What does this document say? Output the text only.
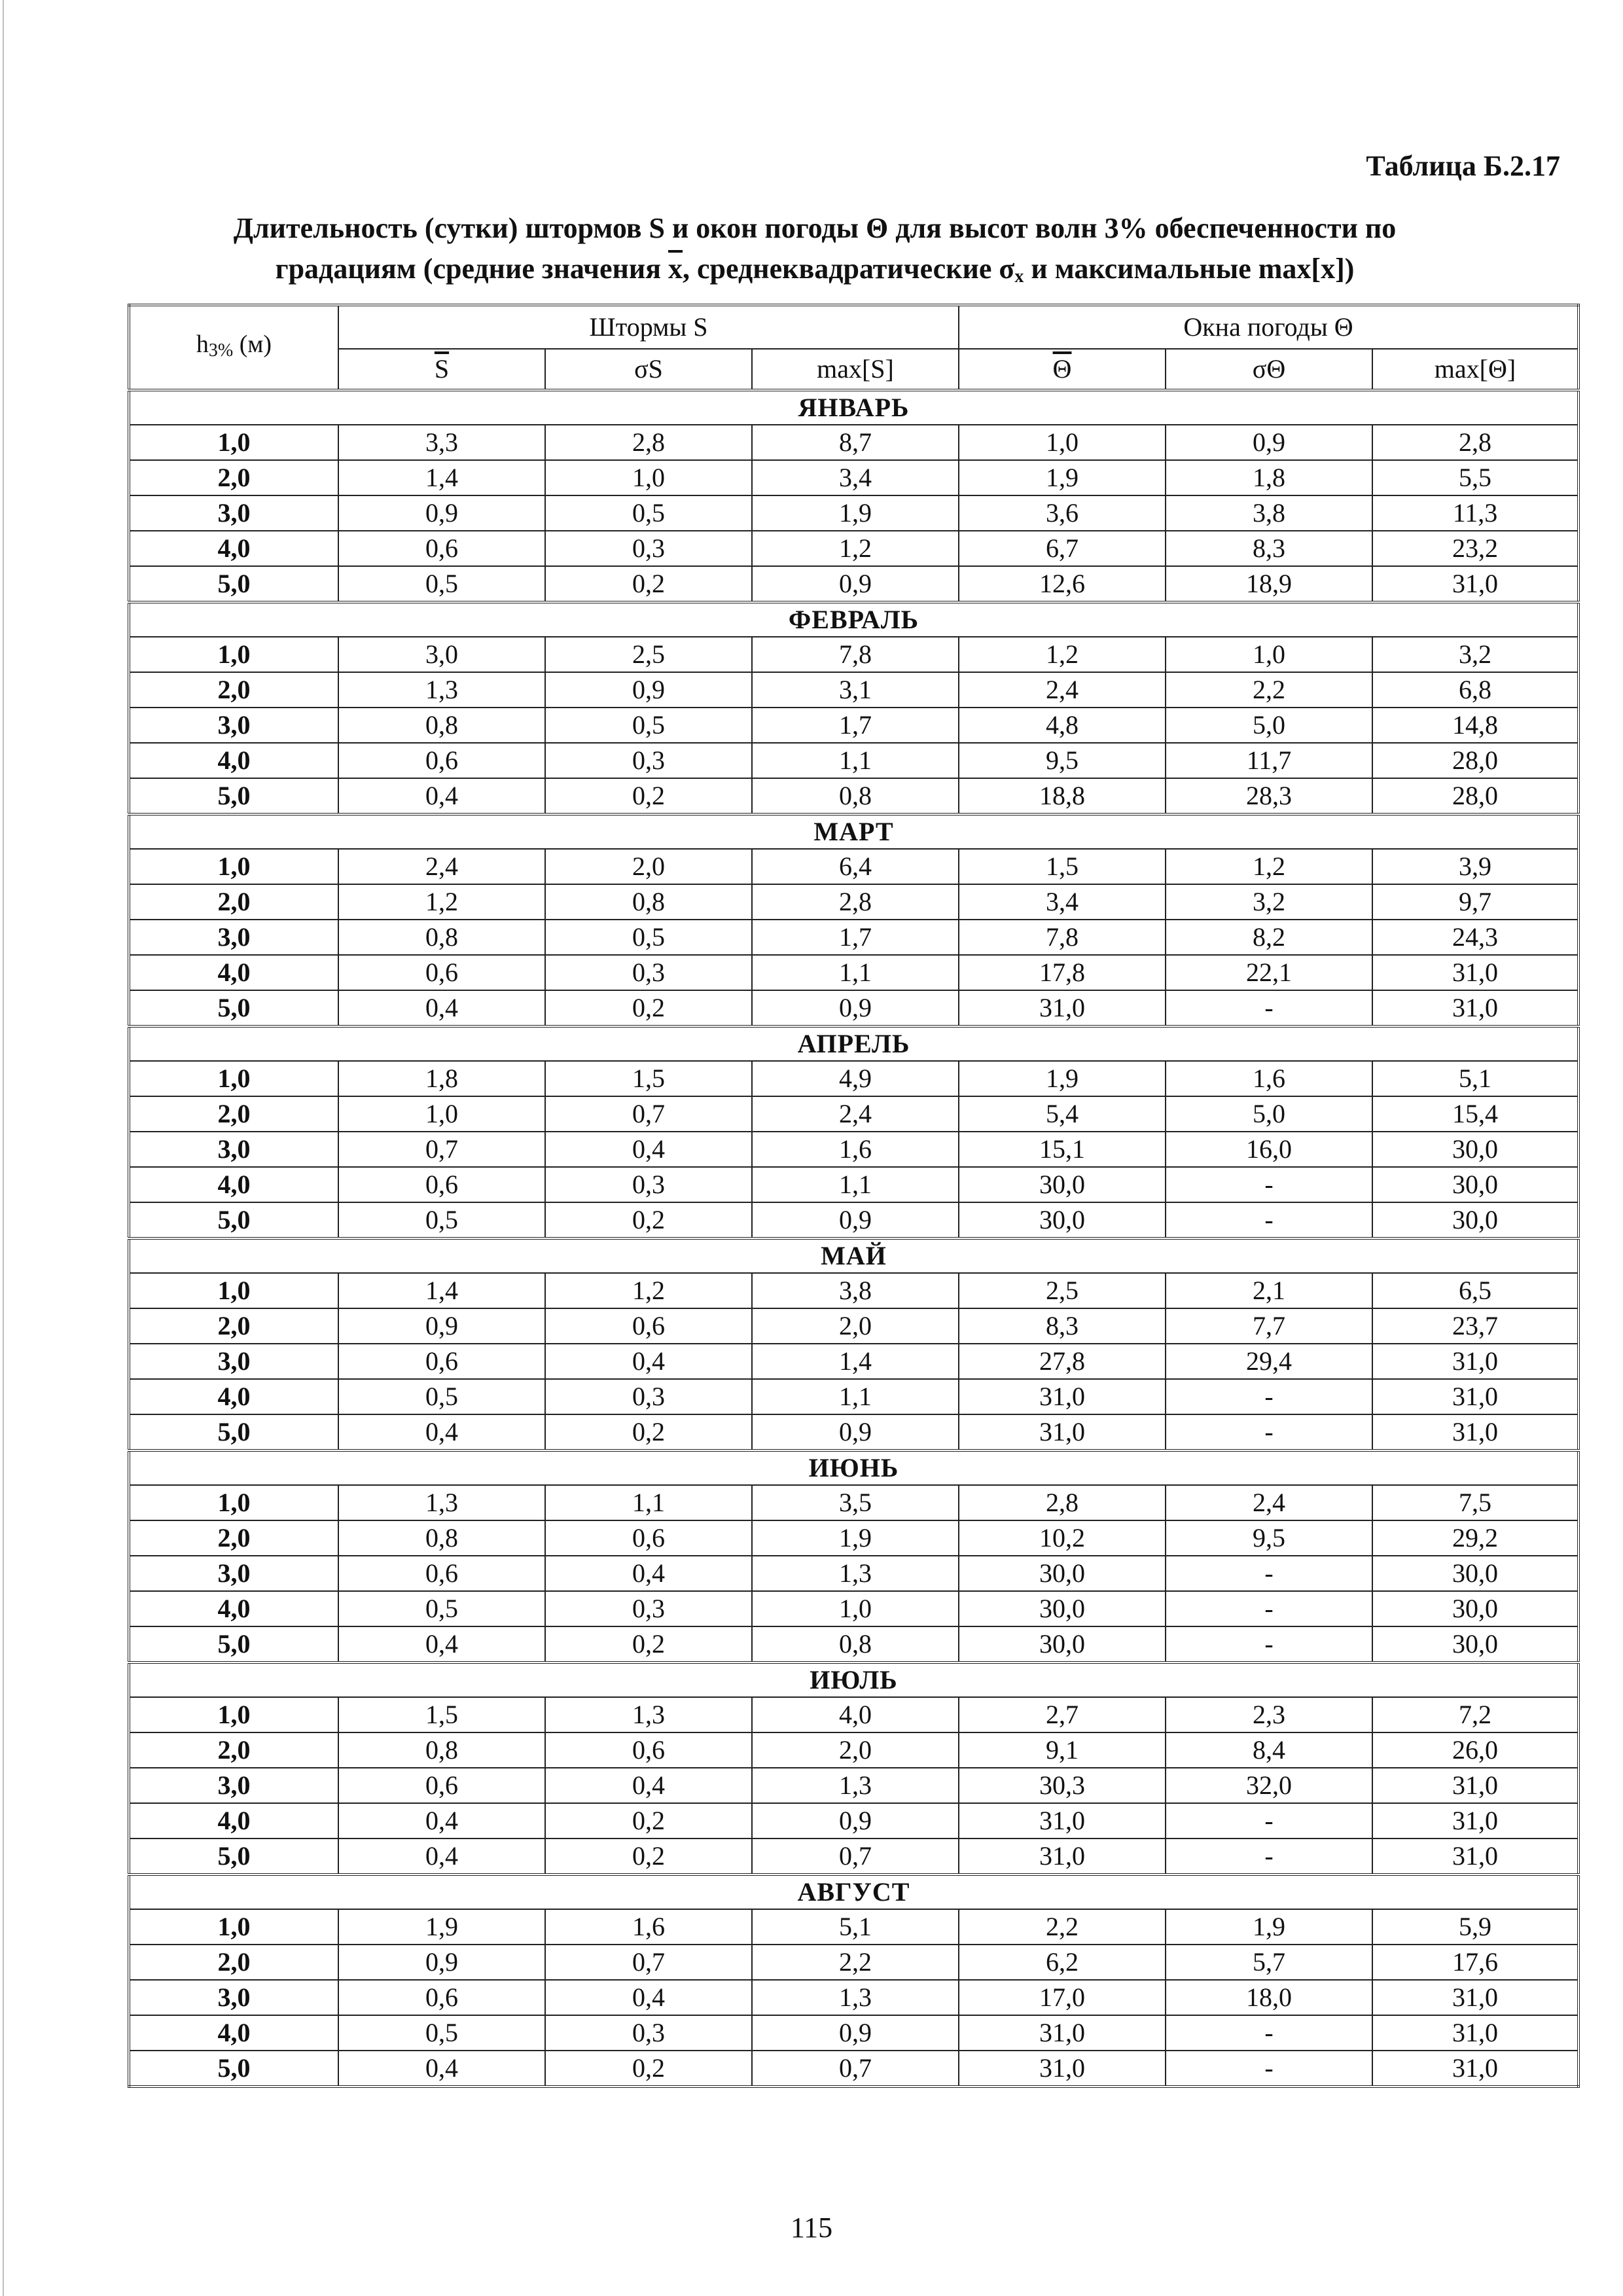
Таблица Б.2.17
Длительность (сутки) штормов S и окон погоды Θ для высот волн 3% обеспеченности по
градациям (средние значения $\overline{x}$, среднеквадратические $\sigma_x$ и максимальные max[x])
$h_{3\%}$ (м)	Штормы S			Окна погоды Θ		
	$\overline{S}$	σS	max[S]	$\overline{\Theta}$	σΘ	max[Θ]
ЯНВАРЬ						
1,0	3,3	2,8	8,7	1,0	0,9	2,8
2,0	1,4	1,0	3,4	1,9	1,8	5,5
3,0	0,9	0,5	1,9	3,6	3,8	11,3
4,0	0,6	0,3	1,2	6,7	8,3	23,2
5,0	0,5	0,2	0,9	12,6	18,9	31,0
ФЕВРАЛЬ						
1,0	3,0	2,5	7,8	1,2	1,0	3,2
2,0	1,3	0,9	3,1	2,4	2,2	6,8
3,0	0,8	0,5	1,7	4,8	5,0	14,8
4,0	0,6	0,3	1,1	9,5	11,7	28,0
5,0	0,4	0,2	0,8	18,8	28,3	28,0
МАРТ						
1,0	2,4	2,0	6,4	1,5	1,2	3,9
2,0	1,2	0,8	2,8	3,4	3,2	9,7
3,0	0,8	0,5	1,7	7,8	8,2	24,3
4,0	0,6	0,3	1,1	17,8	22,1	31,0
5,0	0,4	0,2	0,9	31,0	-	31,0
АПРЕЛЬ						
1,0	1,8	1,5	4,9	1,9	1,6	5,1
2,0	1,0	0,7	2,4	5,4	5,0	15,4
3,0	0,7	0,4	1,6	15,1	16,0	30,0
4,0	0,6	0,3	1,1	30,0	-	30,0
5,0	0,5	0,2	0,9	30,0	-	30,0
МАЙ						
1,0	1,4	1,2	3,8	2,5	2,1	6,5
2,0	0,9	0,6	2,0	8,3	7,7	23,7
3,0	0,6	0,4	1,4	27,8	29,4	31,0
4,0	0,5	0,3	1,1	31,0	-	31,0
5,0	0,4	0,2	0,9	31,0	-	31,0
ИЮНЬ						
1,0	1,3	1,1	3,5	2,8	2,4	7,5
2,0	0,8	0,6	1,9	10,2	9,5	29,2
3,0	0,6	0,4	1,3	30,0	-	30,0
4,0	0,5	0,3	1,0	30,0	-	30,0
5,0	0,4	0,2	0,8	30,0	-	30,0
ИЮЛЬ						
1,0	1,5	1,3	4,0	2,7	2,3	7,2
2,0	0,8	0,6	2,0	9,1	8,4	26,0
3,0	0,6	0,4	1,3	30,3	32,0	31,0
4,0	0,4	0,2	0,9	31,0	-	31,0
5,0	0,4	0,2	0,7	31,0	-	31,0
АВГУСТ						
1,0	1,9	1,6	5,1	2,2	1,9	5,9
2,0	0,9	0,7	2,2	6,2	5,7	17,6
3,0	0,6	0,4	1,3	17,0	18,0	31,0
4,0	0,5	0,3	0,9	31,0	-	31,0
5,0	0,4	0,2	0,7	31,0	-	31,0
115
